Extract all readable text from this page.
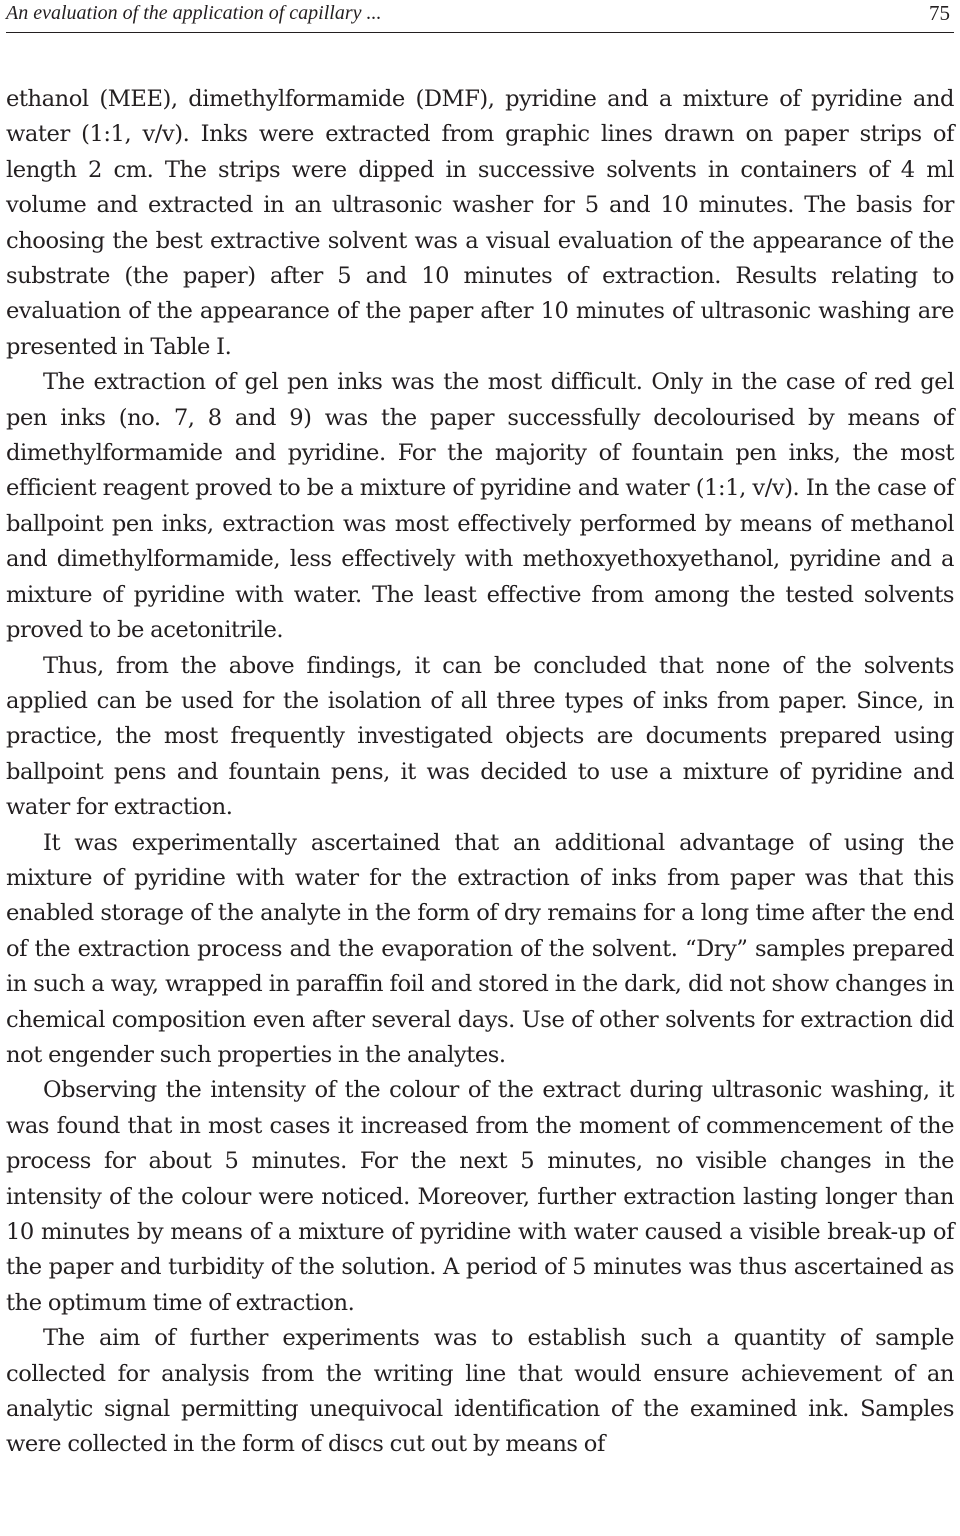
An evaluation of the application of capillary ...	75

ethanol (MEE), dimethylformamide (DMF), pyridine and a mixture of pyridine and water (1:1, v/v). Inks were extracted from graphic lines drawn on paper strips of length 2 cm. The strips were dipped in successive solvents in containers of 4 ml volume and extracted in an ultrasonic washer for 5 and 10 minutes. The basis for choosing the best extractive solvent was a visual evaluation of the appearance of the substrate (the paper) after 5 and 10 minutes of extraction. Results relating to evaluation of the appearance of the paper after 10 minutes of ultrasonic washing are presented in Table I.

The extraction of gel pen inks was the most difficult. Only in the case of red gel pen inks (no. 7, 8 and 9) was the paper successfully decolourised by means of dimethylformamide and pyridine. For the majority of fountain pen inks, the most efficient reagent proved to be a mixture of pyridine and water (1:1, v/v). In the case of ballpoint pen inks, extraction was most effectively performed by means of methanol and dimethylformamide, less effectively with methoxyethoxyethanol, pyridine and a mixture of pyridine with water. The least effective from among the tested solvents proved to be acetonitrile.

Thus, from the above findings, it can be concluded that none of the solvents applied can be used for the isolation of all three types of inks from paper. Since, in practice, the most frequently investigated objects are documents prepared using ballpoint pens and fountain pens, it was decided to use a mixture of pyridine and water for extraction.

It was experimentally ascertained that an additional advantage of using the mixture of pyridine with water for the extraction of inks from paper was that this enabled storage of the analyte in the form of dry remains for a long time after the end of the extraction process and the evaporation of the solvent. “Dry” samples prepared in such a way, wrapped in paraffin foil and stored in the dark, did not show changes in chemical composition even after several days. Use of other solvents for extraction did not engender such properties in the analytes.

Observing the intensity of the colour of the extract during ultrasonic washing, it was found that in most cases it increased from the moment of commencement of the process for about 5 minutes. For the next 5 minutes, no visible changes in the intensity of the colour were noticed. Moreover, further extraction lasting longer than 10 minutes by means of a mixture of pyridine with water caused a visible break-up of the paper and turbidity of the solution. A period of 5 minutes was thus ascertained as the optimum time of extraction.

The aim of further experiments was to establish such a quantity of sample collected for analysis from the writing line that would ensure achievement of an analytic signal permitting unequivocal identification of the examined ink. Samples were collected in the form of discs cut out by means of
